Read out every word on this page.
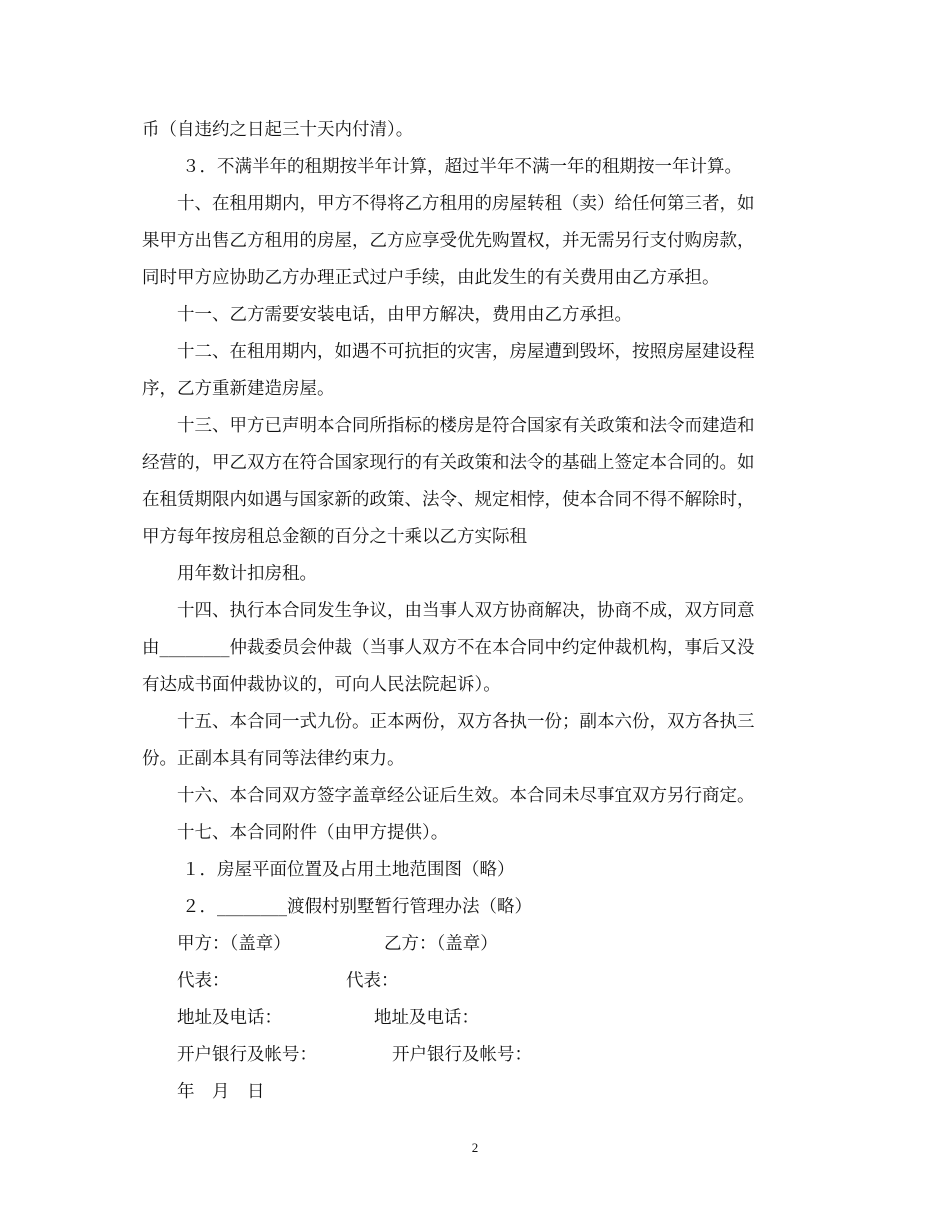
币（自违约之日起三十天内付清）。
３．不满半年的租期按半年计算，超过半年不满一年的租期按一年计算。
十、在租用期内，甲方不得将乙方租用的房屋转租（卖）给任何第三者，如
果甲方出售乙方租用的房屋，乙方应享受优先购置权，并无需另行支付购房款，
同时甲方应协助乙方办理正式过户手续，由此发生的有关费用由乙方承担。
十一、乙方需要安装电话，由甲方解决，费用由乙方承担。
十二、在租用期内，如遇不可抗拒的灾害，房屋遭到毁坏，按照房屋建设程
序，乙方重新建造房屋。
十三、甲方已声明本合同所指标的楼房是符合国家有关政策和法令而建造和
经营的，甲乙双方在符合国家现行的有关政策和法令的基础上签定本合同的。如
在租赁期限内如遇与国家新的政策、法令、规定相悖，使本合同不得不解除时，
甲方每年按房租总金额的百分之十乘以乙方实际租
用年数计扣房租。
十四、执行本合同发生争议，由当事人双方协商解决，协商不成，双方同意
由________仲裁委员会仲裁（当事人双方不在本合同中约定仲裁机构，事后又没
有达成书面仲裁协议的，可向人民法院起诉）。
十五、本合同一式九份。正本两份，双方各执一份；副本六份，双方各执三
份。正副本具有同等法律约束力。
十六、本合同双方签字盖章经公证后生效。本合同未尽事宜双方另行商定。
十七、本合同附件（由甲方提供）。
１．房屋平面位置及占用土地范围图（略）
２．________渡假村别墅暂行管理办法（略）
甲方：（盖章）	乙方：（盖章）
代表：	代表：
地址及电话：	地址及电话：
开户银行及帐号：	开户银行及帐号：
年　月　日
2
